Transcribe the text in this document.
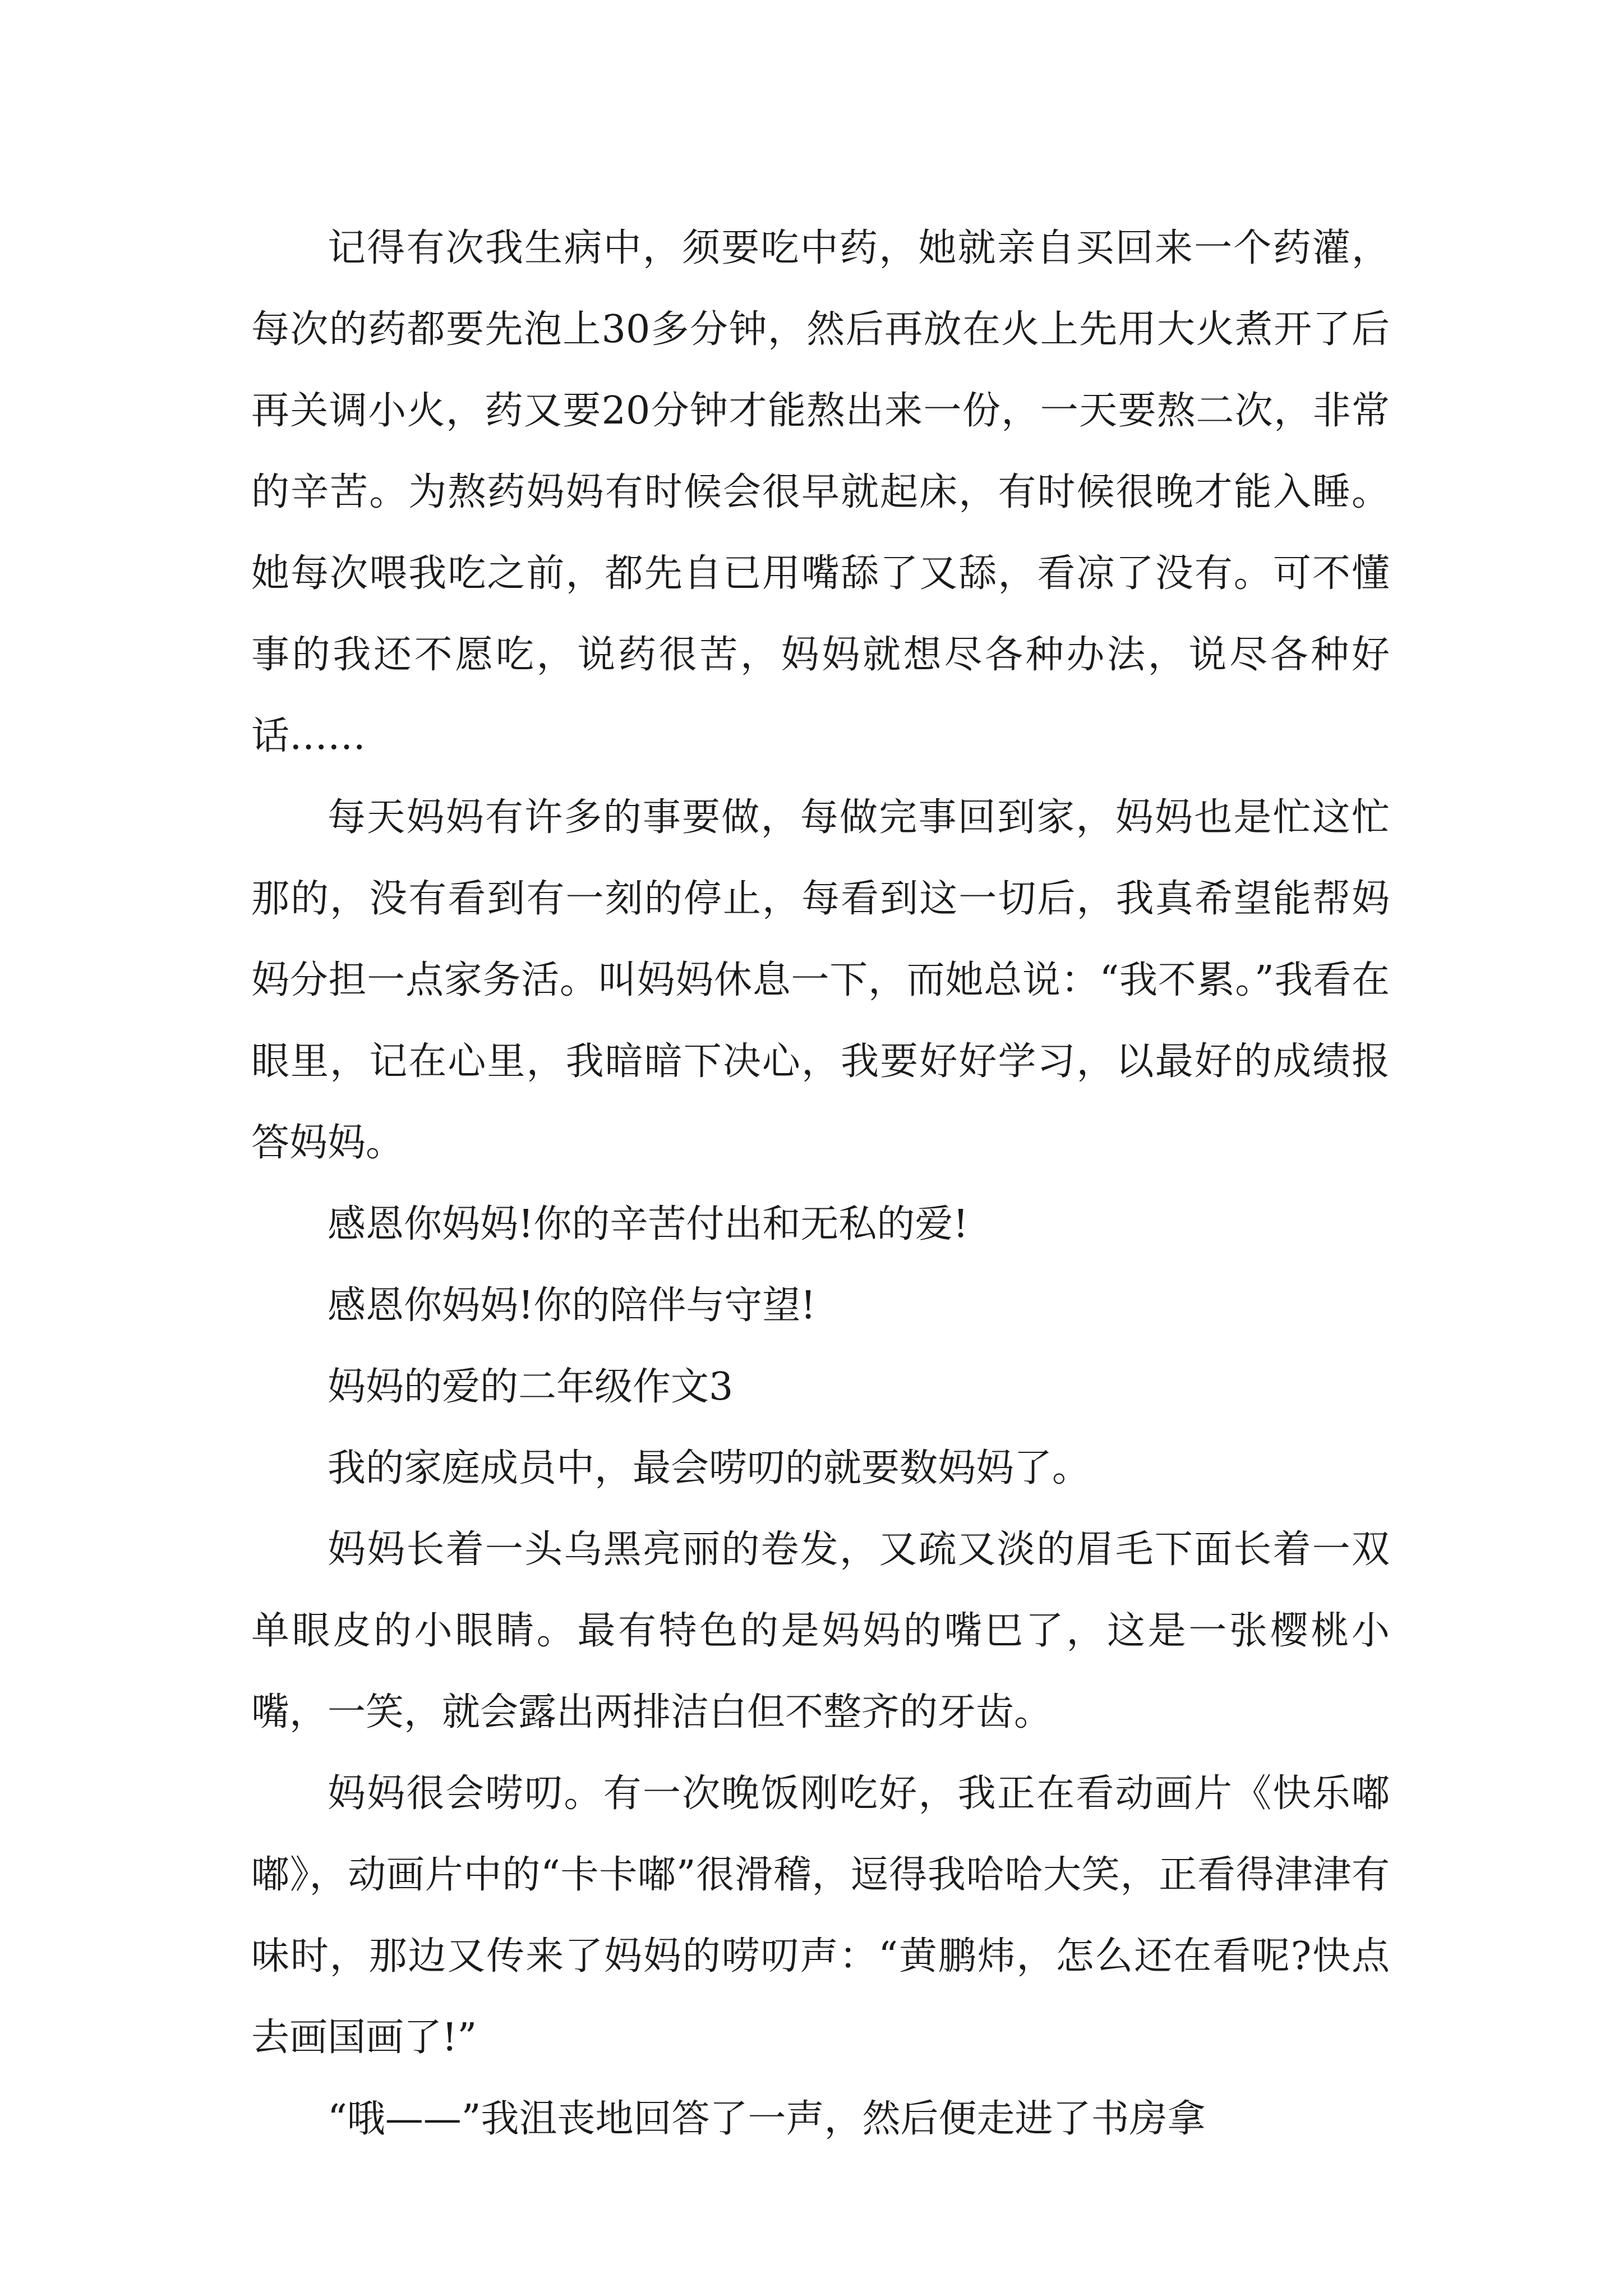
记得有次我生病中，须要吃中药，她就亲自买回来一个药灌，每次的药都要先泡上30多分钟，然后再放在火上先用大火煮开了后再关调小火，药又要20分钟才能熬出来一份，一天要熬二次，非常的辛苦。为熬药妈妈有时候会很早就起床，有时候很晚才能入睡。她每次喂我吃之前，都先自已用嘴舔了又舔，看凉了没有。可不懂事的我还不愿吃，说药很苦，妈妈就想尽各种办法，说尽各种好话……

每天妈妈有许多的事要做，每做完事回到家，妈妈也是忙这忙那的，没有看到有一刻的停止，每看到这一切后，我真希望能帮妈妈分担一点家务活。叫妈妈休息一下，而她总说：“我不累。”我看在眼里，记在心里，我暗暗下决心，我要好好学习，以最好的成绩报答妈妈。

感恩你妈妈!你的辛苦付出和无私的爱!

感恩你妈妈!你的陪伴与守望!

妈妈的爱的二年级作文3

我的家庭成员中，最会唠叨的就要数妈妈了。

妈妈长着一头乌黑亮丽的卷发，又疏又淡的眉毛下面长着一双单眼皮的小眼睛。最有特色的是妈妈的嘴巴了，这是一张樱桃小嘴，一笑，就会露出两排洁白但不整齐的牙齿。

妈妈很会唠叨。有一次晚饭刚吃好，我正在看动画片《快乐嘟嘟》，动画片中的“卡卡嘟”很滑稽，逗得我哈哈大笑，正看得津津有味时，那边又传来了妈妈的唠叨声：“黄鹏炜，怎么还在看呢?快点去画国画了!”

“哦——”我沮丧地回答了一声，然后便走进了书房拿
